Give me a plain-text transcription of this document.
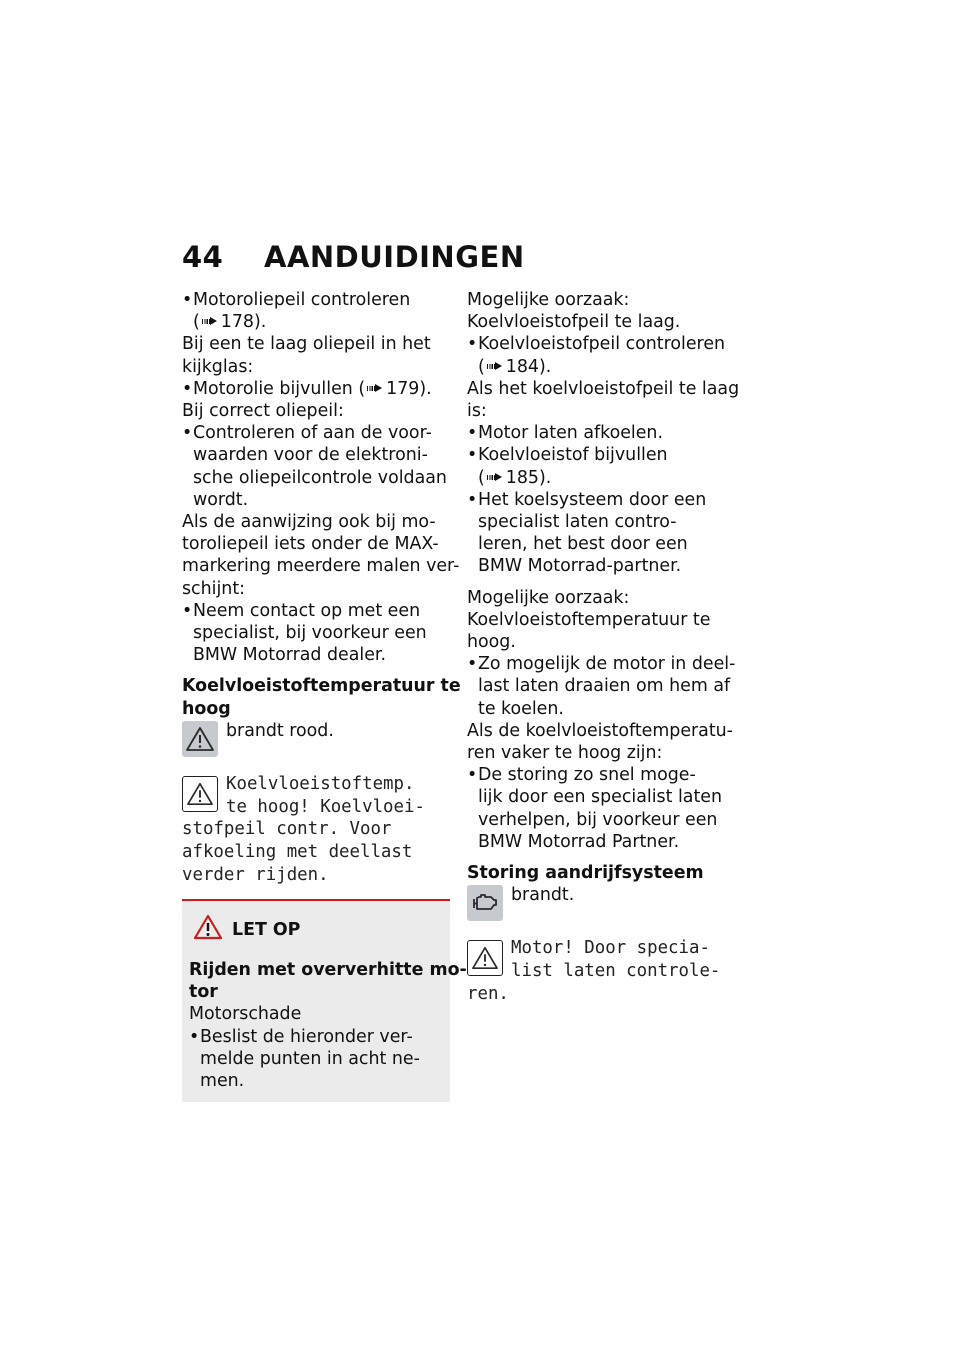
44 AANDUIDINGEN
• Motoroliepeil controleren
( 178).
Bij een te laag oliepeil in het
kijkglas:
• Motorolie bijvullen ( 179).
Bij correct oliepeil:
• Controleren of aan de voor-
waarden voor de elektroni-
sche oliepeilcontrole voldaan
wordt.
Als de aanwijzing ook bij mo-
toroliepeil iets onder de MAX-
markering meerdere malen ver-
schijnt:
• Neem contact op met een
specialist, bij voorkeur een
BMW Motorrad dealer.
Koelvloeistoftemperatuur te
hoog
brandt rood.
Koelvloeistoftemp.
te hoog! Koelvloei-
stofpeil contr. Voor
afkoeling met deellast
verder rijden.
LET OP
Rijden met oververhitte mo-
tor
Motorschade
• Beslist de hieronder ver-
melde punten in acht ne-
men.
Mogelijke oorzaak:
Koelvloeistofpeil te laag.
• Koelvloeistofpeil controleren
( 184).
Als het koelvloeistofpeil te laag
is:
• Motor laten afkoelen.
• Koelvloeistof bijvullen
( 185).
• Het koelsysteem door een
specialist laten contro-
leren, het best door een
BMW Motorrad-partner.
Mogelijke oorzaak:
Koelvloeistoftemperatuur te
hoog.
• Zo mogelijk de motor in deel-
last laten draaien om hem af
te koelen.
Als de koelvloeistoftemperatu-
ren vaker te hoog zijn:
• De storing zo snel moge-
lijk door een specialist laten
verhelpen, bij voorkeur een
BMW Motorrad Partner.
Storing aandrijfsysteem
brandt.
Motor! Door specia-
list laten controle-
ren.
